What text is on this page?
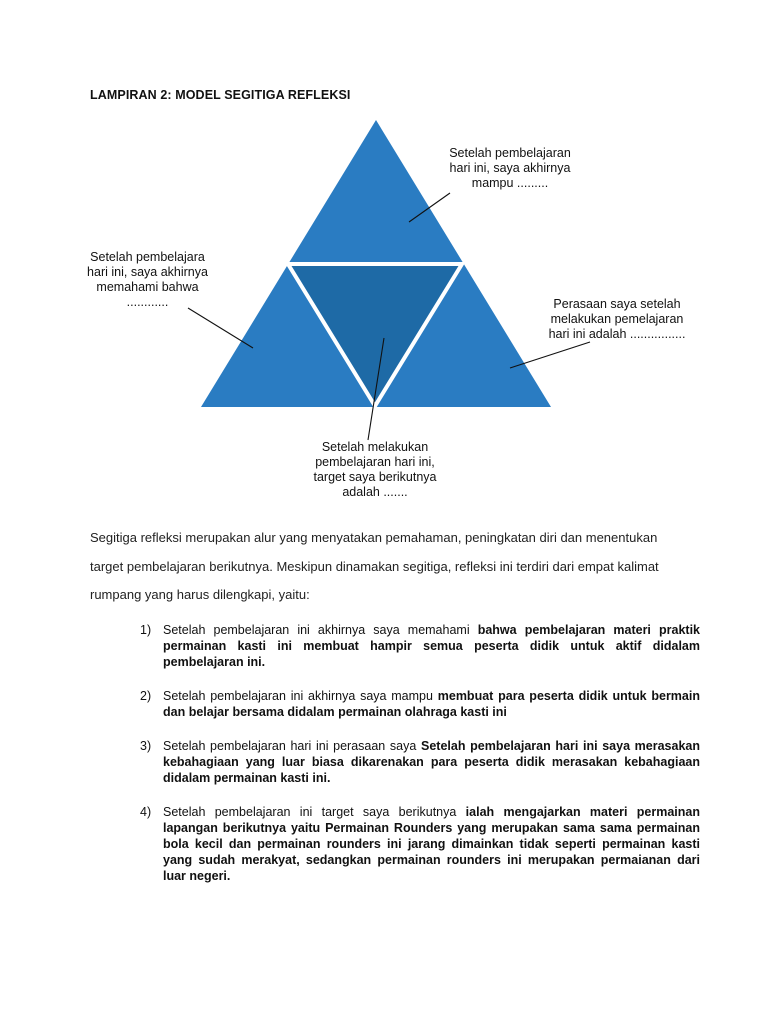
LAMPIRAN 2: MODEL SEGITIGA REFLEKSI
Setelah pembelajaran
hari ini, saya akhirnya
mampu .........
Setelah pembelajara
hari ini, saya akhirnya
memahami bahwa
............	Perasaan saya setelah
melakukan pemelajaran
hari ini adalah ................
Setelah melakukan
pembelajaran hari ini,
target saya berikutnya
adalah .......
Segitiga refleksi merupakan alur yang menyatakan pemahaman, peningkatan diri dan menentukan
target pembelajaran berikutnya. Meskipun dinamakan segitiga, refleksi ini terdiri dari empat kalimat
rumpang yang harus dilengkapi, yaitu:
1) Setelah pembelajaran ini akhirnya saya memahami bahwa pembelajaran materi praktik permainan kasti ini membuat hampir semua peserta didik untuk aktif didalam pembelajaran ini.
2) Setelah pembelajaran ini akhirnya saya mampu membuat para peserta didik untuk bermain dan belajar bersama didalam permainan olahraga kasti ini
3) Setelah pembelajaran hari ini perasaan saya Setelah pembelajaran hari ini saya merasakan kebahagiaan yang luar biasa dikarenakan para peserta didik merasakan kebahagiaan didalam permainan kasti ini.
4) Setelah pembelajaran ini target saya berikutnya ialah mengajarkan materi permainan lapangan berikutnya yaitu Permainan Rounders yang merupakan sama sama permainan bola kecil dan permainan rounders ini jarang dimainkan tidak seperti permainan kasti yang sudah merakyat, sedangkan permainan rounders ini merupakan permaianan dari luar negeri.
